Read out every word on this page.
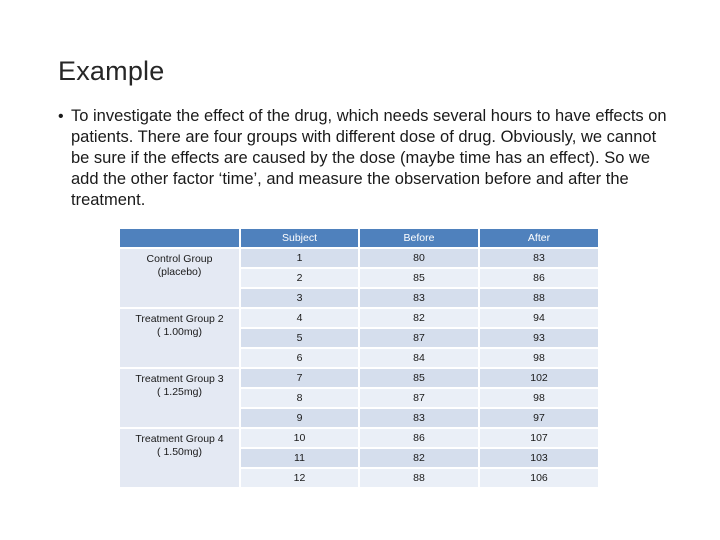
Example
• To investigate the effect of the drug, which needs several hours to have effects on patients. There are four groups with different dose of drug. Obviously, we cannot be sure if the effects are caused by the dose (maybe time has an effect). So we add the other factor ‘time’, and measure the observation before and after the treatment.
	Subject	Before	After

Control Group
(placebo)	1	80	83
	2	85	86
	3	83	88

Treatment Group 2
( 1.00mg)	4	82	94
	5	87	93
	6	84	98

Treatment Group 3
( 1.25mg)	7	85	102
	8	87	98
	9	83	97

Treatment Group 4
( 1.50mg)	10	86	107
	11	82	103
	12	88	106
